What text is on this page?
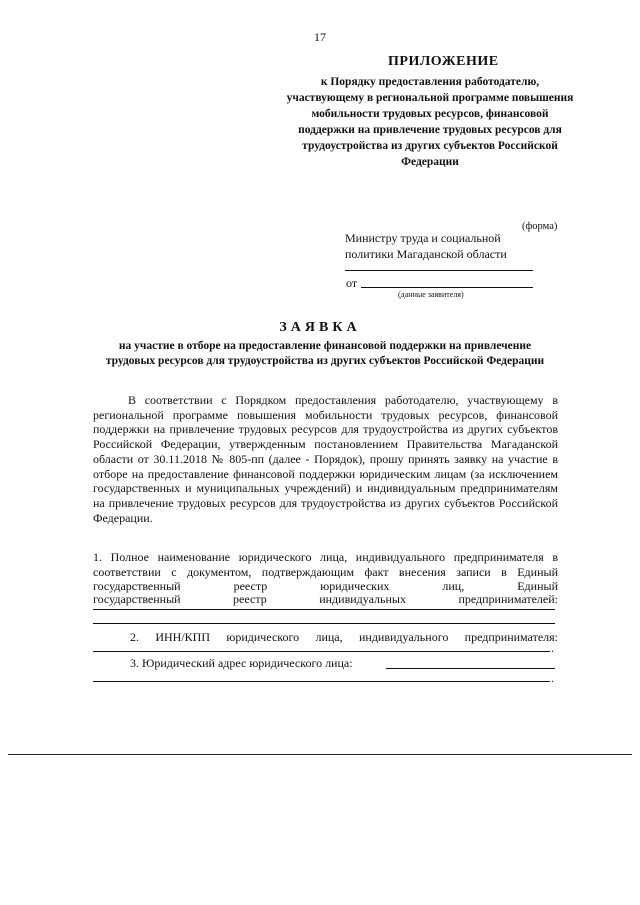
17
ПРИЛОЖЕНИЕ
к Порядку предоставления работодателю, участвующему в региональной программе повышения мобильности трудовых ресурсов, финансовой поддержки на привлечение трудовых ресурсов для трудоустройства из других субъектов Российской Федерации
(форма)
Министру труда и социальной политики Магаданской области
от
(данные заявителя)
ЗАЯВКА
на участие в отборе на предоставление финансовой поддержки на привлечение трудовых ресурсов для трудоустройства из других субъектов Российской Федерации

В соответствии с Порядком предоставления работодателю, участвующему в региональной программе повышения мобильности трудовых ресурсов, финансовой поддержки на привлечение трудовых ресурсов для трудоустройства из других субъектов Российской Федерации, утвержденным постановлением Правительства Магаданской области от 30.11.2018 № 805-пп (далее - Порядок), прошу принять заявку на участие в отборе на предоставление финансовой поддержки юридическим лицам (за исключением государственных и муниципальных учреждений) и индивидуальным предпринимателям на привлечение трудовых ресурсов для трудоустройства из других субъектов Российской Федерации.

1. Полное наименование юридического лица, индивидуального предпринимателя в соответствии с документом, подтверждающим факт внесения записи в Единый государственный реестр юридических лиц, Единый

государственный реестр индивидуальных предпринимателей:

2. ИНН/КПП юридического лица, индивидуального предпринимателя:

.

3. Юридический адрес юридического лица:

.
